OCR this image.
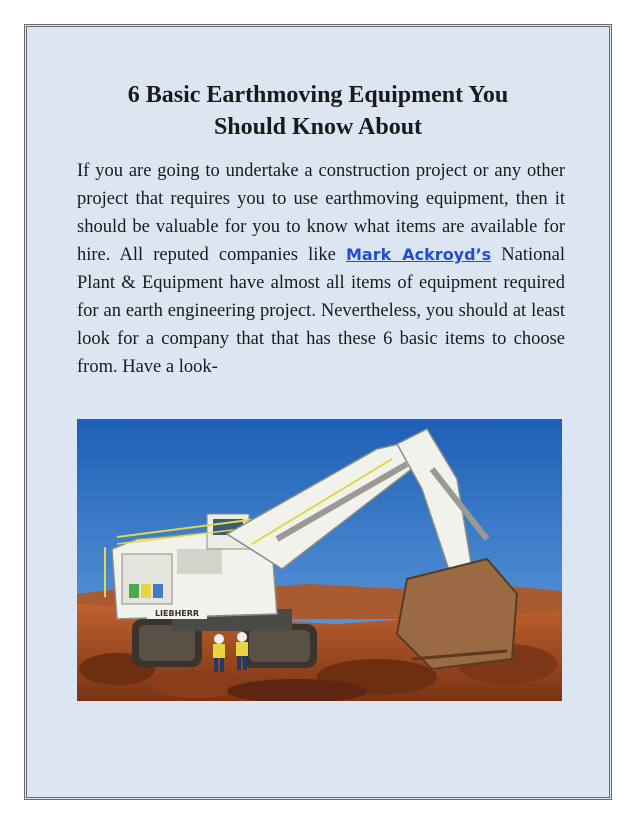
6 Basic Earthmoving Equipment You
Should Know About

If you are going to undertake a construction project or any other project that requires you to use earthmoving equipment, then it should be valuable for you to know what items are available for hire. All reputed companies like Mark Ackroyd’s National Plant & Equipment have almost all items of equipment required for an earth engineering project. Nevertheless, you should at least look for a company that that has these 6 basic items to choose from. Have a look-

LIEBHERR
